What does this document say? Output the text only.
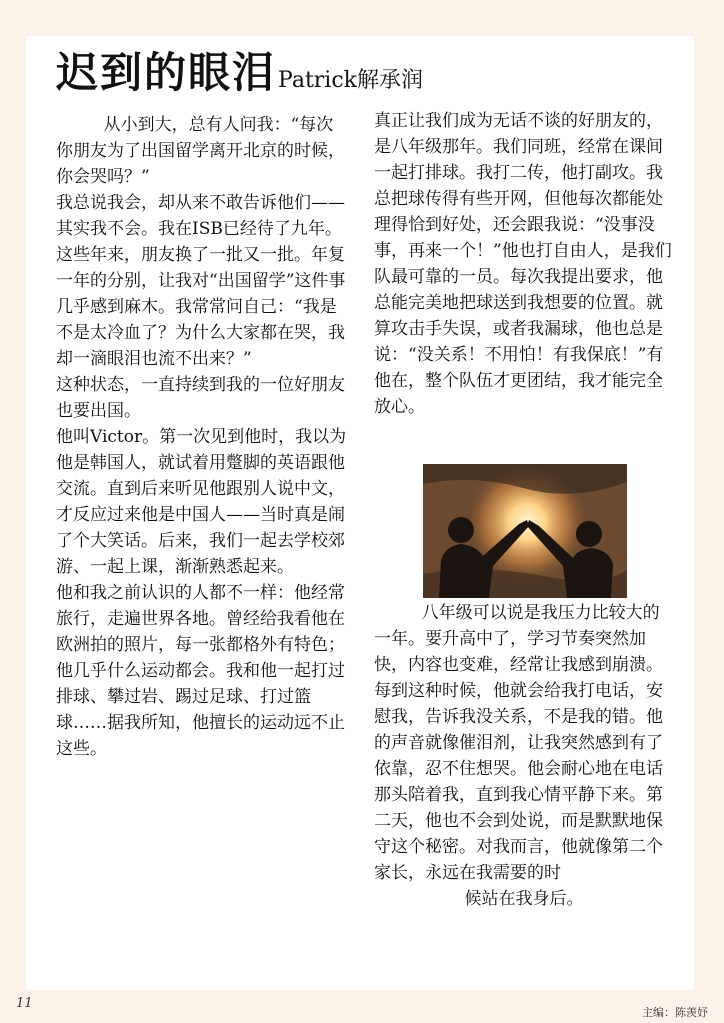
迟到的眼泪Patrick解承润

从小到大，总有人问我：“每次你朋友为了出国留学离开北京的时候，你会哭吗？”

我总说我会，却从来不敢告诉他们——其实我不会。我在ISB已经待了九年。这些年来，朋友换了一批又一批。年复一年的分别，让我对“出国留学”这件事几乎感到麻木。我常常问自己：“我是不是太冷血了？为什么大家都在哭，我却一滴眼泪也流不出来？”

这种状态，一直持续到我的一位好朋友也要出国。

他叫Victor。第一次见到他时，我以为他是韩国人，就试着用蹩脚的英语跟他交流。直到后来听见他跟别人说中文，才反应过来他是中国人——当时真是闹了个大笑话。后来，我们一起去学校郊游、一起上课，渐渐熟悉起来。

他和我之前认识的人都不一样：他经常旅行，走遍世界各地。曾经给我看他在欧洲拍的照片，每一张都格外有特色；他几乎什么运动都会。我和他一起打过排球、攀过岩、踢过足球、打过篮球……据我所知，他擅长的运动远不止这些。

真正让我们成为无话不谈的好朋友的，是八年级那年。我们同班，经常在课间一起打排球。我打二传，他打副攻。我总把球传得有些开网，但他每次都能处理得恰到好处，还会跟我说：“没事没事，再来一个！”他也打自由人，是我们队最可靠的一员。每次我提出要求，他总能完美地把球送到我想要的位置。就算攻击手失误，或者我漏球，他也总是说：“没关系！不用怕！有我保底！”有他在，整个队伍才更团结，我才能完全放心。

八年级可以说是我压力比较大的一年。要升高中了，学习节奏突然加快，内容也变难，经常让我感到崩溃。每到这种时候，他就会给我打电话，安慰我，告诉我没关系，不是我的错。他的声音就像催泪剂，让我突然感到有了依靠，忍不住想哭。他会耐心地在电话那头陪着我，直到我心情平静下来。第二天，他也不会到处说，而是默默地保守这个秘密。对我而言，他就像第二个家长，永远在我需要的时

候站在我身后。

11
主编：陈羡妤
